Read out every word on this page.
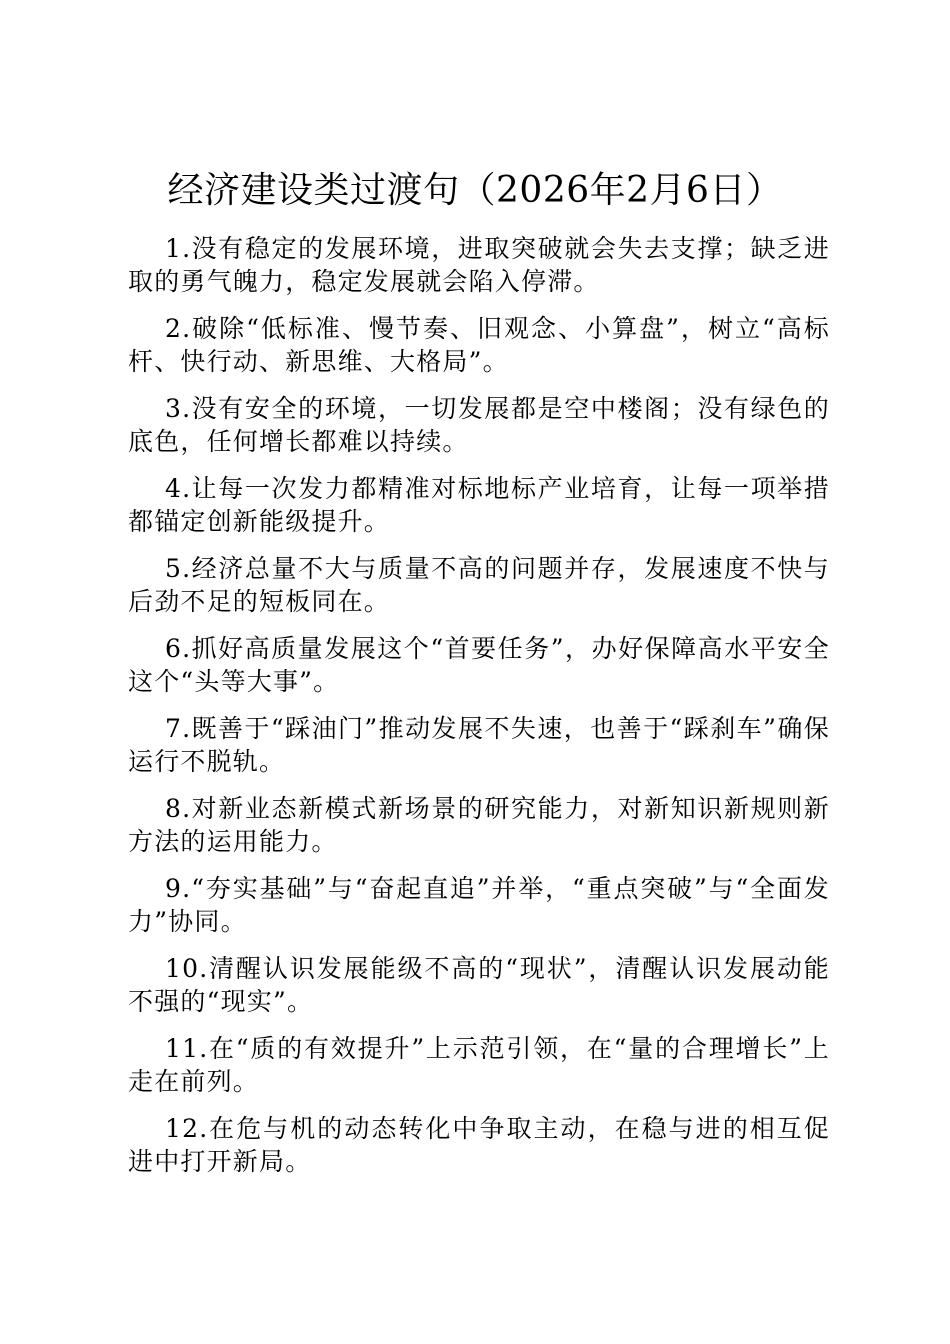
经济建设类过渡句（2026年2月6日）

1.没有稳定的发展环境，进取突破就会失去支撑；缺乏进取的勇气魄力，稳定发展就会陷入停滞。

2.破除“低标准、慢节奏、旧观念、小算盘”，树立“高标杆、快行动、新思维、大格局”。

3.没有安全的环境，一切发展都是空中楼阁；没有绿色的底色，任何增长都难以持续。

4.让每一次发力都精准对标地标产业培育，让每一项举措都锚定创新能级提升。

5.经济总量不大与质量不高的问题并存，发展速度不快与后劲不足的短板同在。

6.抓好高质量发展这个“首要任务”，办好保障高水平安全这个“头等大事”。

7.既善于“踩油门”推动发展不失速，也善于“踩刹车”确保运行不脱轨。

8.对新业态新模式新场景的研究能力，对新知识新规则新方法的运用能力。

9.“夯实基础”与“奋起直追”并举，“重点突破”与“全面发力”协同。

10.清醒认识发展能级不高的“现状”，清醒认识发展动能不强的“现实”。

11.在“质的有效提升”上示范引领，在“量的合理增长”上走在前列。

12.在危与机的动态转化中争取主动，在稳与进的相互促进中打开新局。
